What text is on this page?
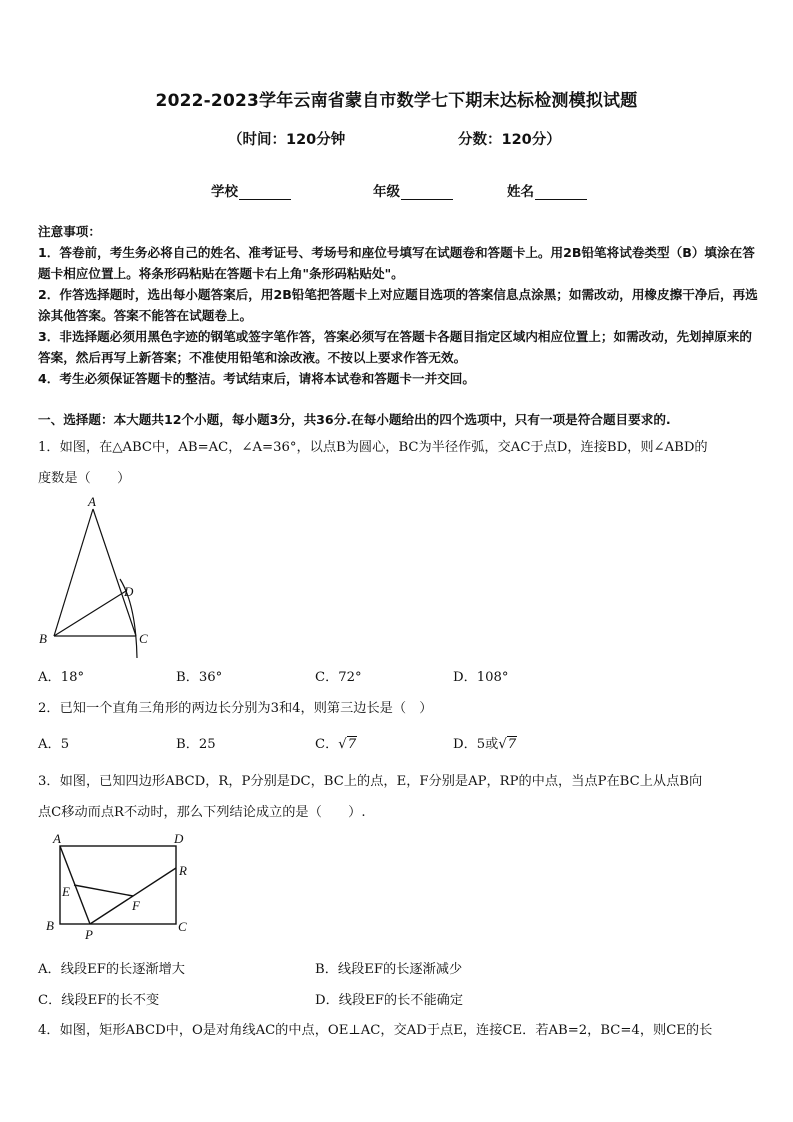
2022-2023学年云南省蒙自市数学七下期末达标检测模拟试题
（时间：120分钟	分数：120分）
学校	年级	姓名
注意事项：
1．答卷前，考生务必将自己的姓名、准考证号、考场号和座位号填写在试题卷和答题卡上。用2B铅笔将试卷类型（B）填涂在答题卡相应位置上。将条形码粘贴在答题卡右上角"条形码粘贴处"。
2．作答选择题时，选出每小题答案后，用2B铅笔把答题卡上对应题目选项的答案信息点涂黑；如需改动，用橡皮擦干净后，再选涂其他答案。答案不能答在试题卷上。
3．非选择题必须用黑色字迹的钢笔或签字笔作答，答案必须写在答题卡各题目指定区域内相应位置上；如需改动，先划掉原来的答案，然后再写上新答案；不准使用铅笔和涂改液。不按以上要求作答无效。
4．考生必须保证答题卡的整洁。考试结束后，请将本试卷和答题卡一并交回。
一、选择题：本大题共12个小题，每小题3分，共36分.在每小题给出的四个选项中，只有一项是符合题目要求的.
1．如图，在△ABC中，AB=AC，∠A=36°，以点B为圆心，BC为半径作弧，交AC于点D，连接BD，则∠ABD的
度数是（　　）
A
B	C
D
A．18°	B．36°	C．72°	D．108°
2．已知一个直角三角形的两边长分别为3和4，则第三边长是（　）
A．5	B．25	C．√7	D．5或√7
3．如图，已知四边形ABCD，R，P分别是DC，BC上的点，E，F分别是AP，RP的中点，当点P在BC上从点B向
点C移动而点R不动时，那么下列结论成立的是（　　）.
A	D
B	C
E
F
P
R
A．线段EF的长逐渐增大	B．线段EF的长逐渐减少
C．线段EF的长不变	D．线段EF的长不能确定
4．如图，矩形ABCD中，O是对角线AC的中点，OE⊥AC，交AD于点E，连接CE．若AB=2，BC=4，则CE的长
